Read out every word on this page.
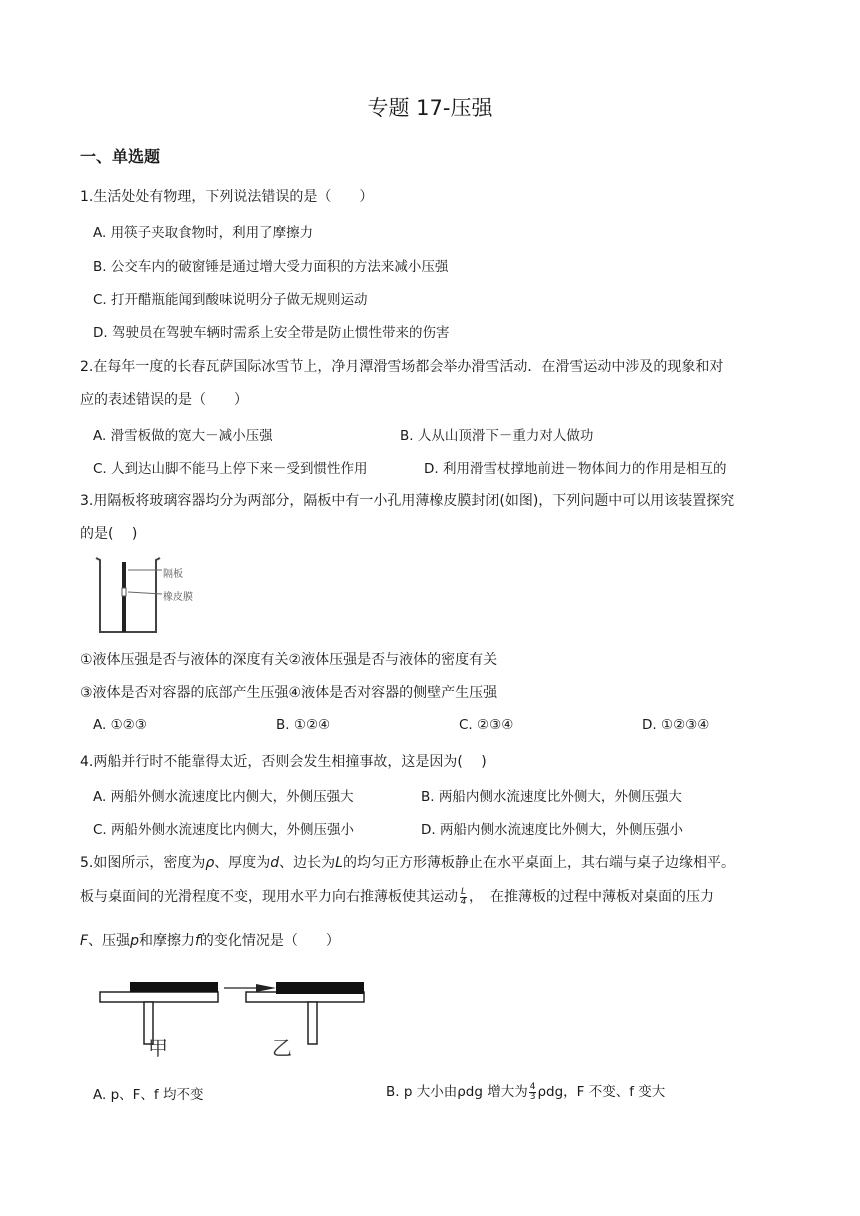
专题 17-压强
一、单选题
1.生活处处有物理，下列说法错误的是（　　）
A. 用筷子夹取食物时，利用了摩擦力
B. 公交车内的破窗锤是通过增大受力面积的方法来减小压强
C. 打开醋瓶能闻到酸味说明分子做无规则运动
D. 驾驶员在驾驶车辆时需系上安全带是防止惯性带来的伤害
2.在每年一度的长春瓦萨国际冰雪节上，净月潭滑雪场都会举办滑雪活动．在滑雪运动中涉及的现象和对
应的表述错误的是（　　）
A. 滑雪板做的宽大－减小压强	B. 人从山顶滑下－重力对人做功
C. 人到达山脚不能马上停下来－受到惯性作用	D. 利用滑雪杖撑地前进－物体间力的作用是相互的
3.用隔板将玻璃容器均分为两部分，隔板中有一小孔用薄橡皮膜封闭(如图)，下列问题中可以用该装置探究
的是(　 )
隔板
橡皮膜
①液体压强是否与液体的深度有关②液体压强是否与液体的密度有关
③液体是否对容器的底部产生压强④液体是否对容器的侧壁产生压强
A. ①②③	B. ①②④	C. ②③④	D. ①②③④
4.两船并行时不能靠得太近，否则会发生相撞事故，这是因为(　 )
A. 两船外侧水流速度比内侧大，外侧压强大	B. 两船内侧水流速度比外侧大，外侧压强大
C. 两船外侧水流速度比内侧大，外侧压强小	D. 两船内侧水流速度比外侧大，外侧压强小
5.如图所示，密度为ρ、厚度为d、边长为L的均匀正方形薄板静止在水平桌面上，其右端与桌子边缘相平。
板与桌面间的光滑程度不变，现用水平力向右推薄板使其运动 $\frac{L}{4}$ ，　在推薄板的过程中薄板对桌面的压力
F、压强p和摩擦力f的变化情况是（　　）
甲	乙
A. p、F、f 均不变	B. p 大小由ρdg 增大为 $\frac{4}{3}$ ρdg，F 不变、f 变大
